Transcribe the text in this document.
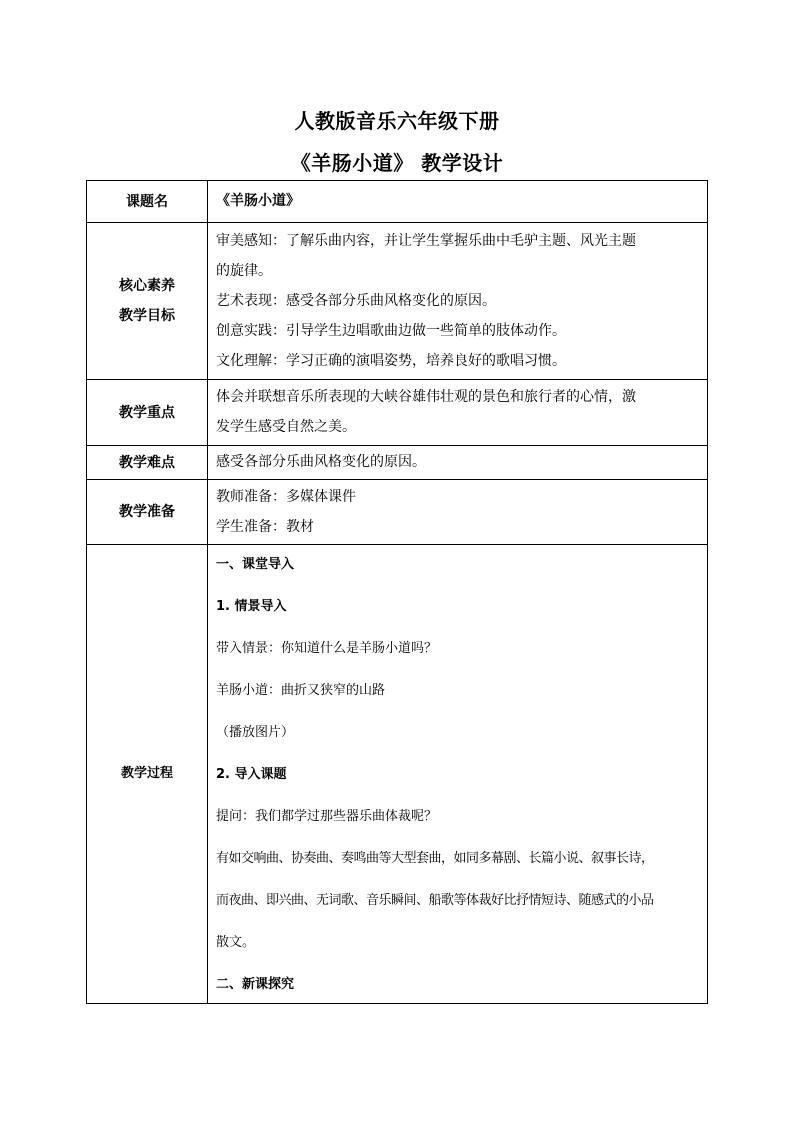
人教版音乐六年级下册
《羊肠小道》 教学设计
课题名	《羊肠小道》
核心素养
教学目标
审美感知：了解乐曲内容，并让学生掌握乐曲中毛驴主题、风光主题
的旋律。
艺术表现：感受各部分乐曲风格变化的原因。
创意实践：引导学生边唱歌曲边做一些简单的肢体动作。
文化理解：学习正确的演唱姿势，培养良好的歌唱习惯。
教学重点
体会并联想音乐所表现的大峡谷雄伟壮观的景色和旅行者的心情，激
发学生感受自然之美。
教学难点	感受各部分乐曲风格变化的原因。
教学准备
教师准备：多媒体课件
学生准备：教材
教学过程
一、课堂导入
1. 情景导入
带入情景：你知道什么是羊肠小道吗？
羊肠小道：曲折又狭窄的山路
（播放图片）
2. 导入课题
提问：我们都学过那些器乐曲体裁呢？
有如交响曲、协奏曲、奏鸣曲等大型套曲，如同多幕剧、长篇小说、叙事长诗，
而夜曲、即兴曲、无词歌、音乐瞬间、船歌等体裁好比抒情短诗、随感式的小品
散文。
二、新课探究
